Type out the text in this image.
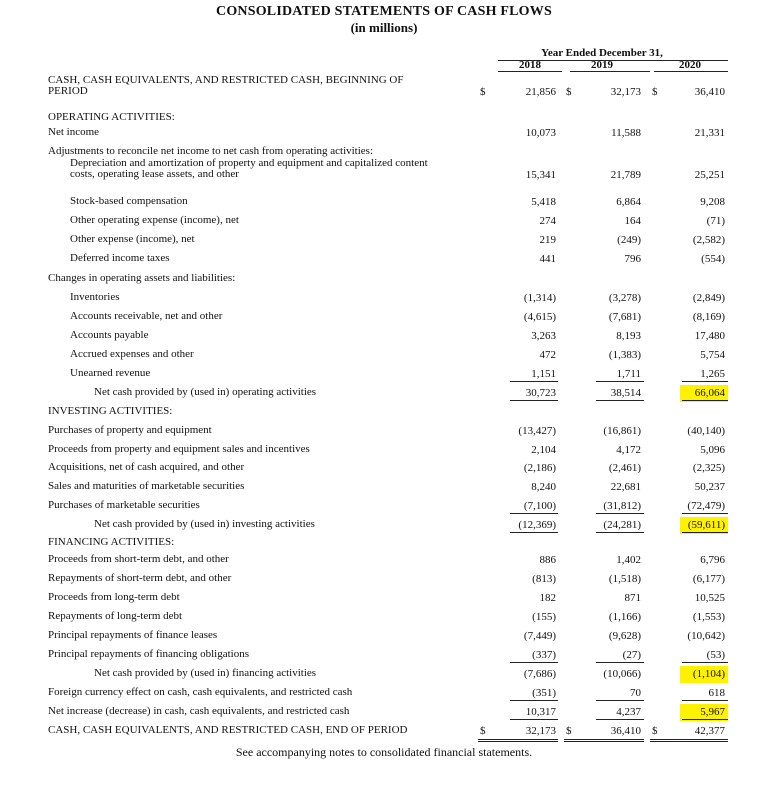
CONSOLIDATED STATEMENTS OF CASH FLOWS
(in millions)
Year Ended December 31,
2018	2019	2020
CASH, CASH EQUIVALENTS, AND RESTRICTED CASH, BEGINNING OF
PERIOD	21,856	32,173	36,410
OPERATING ACTIVITIES:
Net income	10,073	11,588	21,331
Adjustments to reconcile net income to net cash from operating activities:
Depreciation and amortization of property and equipment and capitalized content
costs, operating lease assets, and other	15,341	21,789	25,251
Stock-based compensation	5,418	6,864	9,208
Other operating expense (income), net	274	164	(71)
Other expense (income), net	219	(249)	(2,582)
Deferred income taxes	441	796	(554)
Changes in operating assets and liabilities:
Inventories	(1,314)	(3,278)	(2,849)
Accounts receivable, net and other	(4,615)	(7,681)	(8,169)
Accounts payable	3,263	8,193	17,480
Accrued expenses and other	472	(1,383)	5,754
Unearned revenue	1,151	1,711	1,265
Net cash provided by (used in) operating activities	30,723	38,514	66,064
INVESTING ACTIVITIES:
Purchases of property and equipment	(13,427)	(16,861)	(40,140)
Proceeds from property and equipment sales and incentives	2,104	4,172	5,096
Acquisitions, net of cash acquired, and other	(2,186)	(2,461)	(2,325)
Sales and maturities of marketable securities	8,240	22,681	50,237
Purchases of marketable securities	(7,100)	(31,812)	(72,479)
Net cash provided by (used in) investing activities	(12,369)	(24,281)	(59,611)
FINANCING ACTIVITIES:
Proceeds from short-term debt, and other	886	1,402	6,796
Repayments of short-term debt, and other	(813)	(1,518)	(6,177)
Proceeds from long-term debt	182	871	10,525
Repayments of long-term debt	(155)	(1,166)	(1,553)
Principal repayments of finance leases	(7,449)	(9,628)	(10,642)
Principal repayments of financing obligations	(337)	(27)	(53)
Net cash provided by (used in) financing activities	(7,686)	(10,066)	(1,104)
Foreign currency effect on cash, cash equivalents, and restricted cash	(351)	70	618
Net increase (decrease) in cash, cash equivalents, and restricted cash	10,317	4,237	5,967
CASH, CASH EQUIVALENTS, AND RESTRICTED CASH, END OF PERIOD	32,173	36,410	42,377
$	$	$
$	$	$
See accompanying notes to consolidated financial statements.
